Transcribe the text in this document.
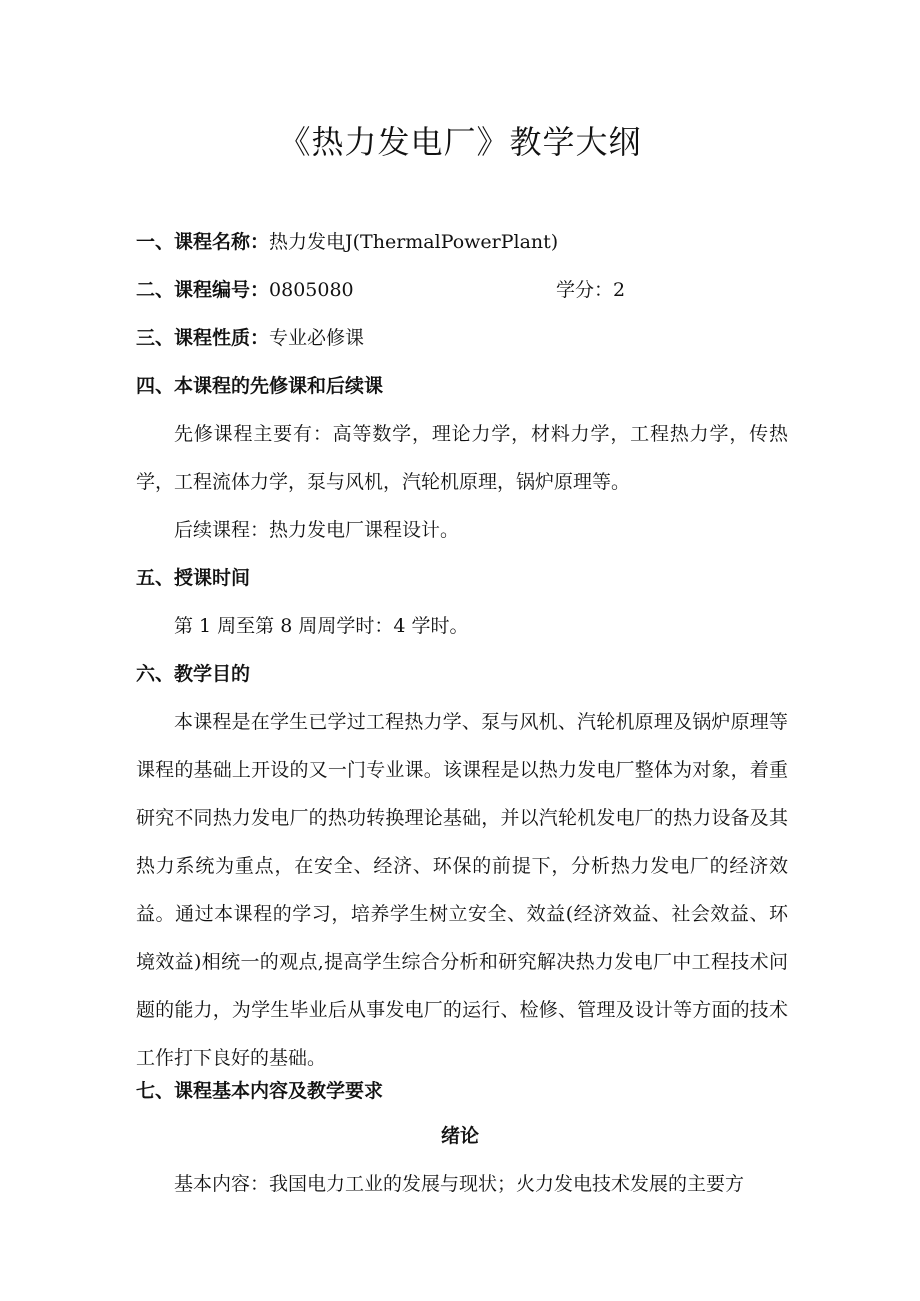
《热力发电厂》教学大纲
一、课程名称：热力发电J(ThermalPowerPlant)
二、课程编号：0805080	学分：2
三、课程性质：专业必修课
四、本课程的先修课和后续课

先修课程主要有：高等数学，理论力学，材料力学，工程热力学，传热学，工程流体力学，泵与风机，汽轮机原理，锅炉原理等。

后续课程：热力发电厂课程设计。

五、授课时间

第 1 周至第 8 周周学时：4 学时。

六、教学目的

本课程是在学生已学过工程热力学、泵与风机、汽轮机原理及锅炉原理等课程的基础上开设的又一门专业课。该课程是以热力发电厂整体为对象，着重研究不同热力发电厂的热功转换理论基础，并以汽轮机发电厂的热力设备及其热力系统为重点，在安全、经济、环保的前提下，分析热力发电厂的经济效益。通过本课程的学习，培养学生树立安全、效益(经济效益、社会效益、环境效益)相统一的观点,提高学生综合分析和研究解决热力发电厂中工程技术问题的能力，为学生毕业后从事发电厂的运行、检修、管理及设计等方面的技术工作打下良好的基础。

七、课程基本内容及教学要求
绪论

基本内容：我国电力工业的发展与现状；火力发电技术发展的主要方
